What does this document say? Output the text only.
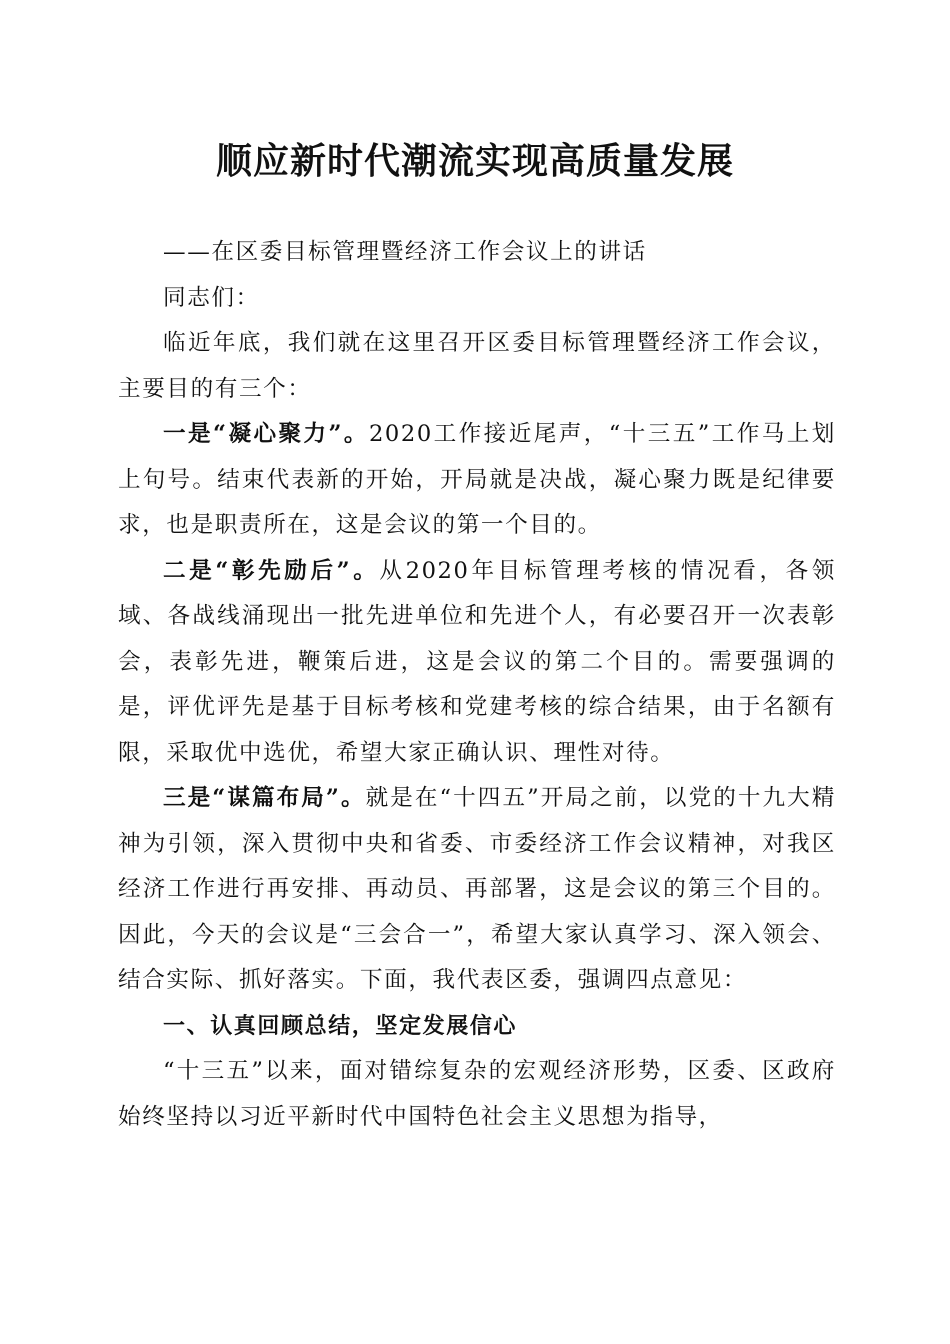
顺应新时代潮流实现高质量发展

——在区委目标管理暨经济工作会议上的讲话

同志们：

临近年底，我们就在这里召开区委目标管理暨经济工作会议，主要目的有三个：

一是“凝心聚力”。2020工作接近尾声，“十三五”工作马上划上句号。结束代表新的开始，开局就是决战，凝心聚力既是纪律要求，也是职责所在，这是会议的第一个目的。

二是“彰先励后”。从2020年目标管理考核的情况看，各领域、各战线涌现出一批先进单位和先进个人，有必要召开一次表彰会，表彰先进，鞭策后进，这是会议的第二个目的。需要强调的是，评优评先是基于目标考核和党建考核的综合结果，由于名额有限，采取优中选优，希望大家正确认识、理性对待。

三是“谋篇布局”。就是在“十四五”开局之前，以党的十九大精神为引领，深入贯彻中央和省委、市委经济工作会议精神，对我区经济工作进行再安排、再动员、再部署，这是会议的第三个目的。因此，今天的会议是“三会合一”，希望大家认真学习、深入领会、结合实际、抓好落实。下面，我代表区委，强调四点意见：

一、认真回顾总结，坚定发展信心

“十三五”以来，面对错综复杂的宏观经济形势，区委、区政府始终坚持以习近平新时代中国特色社会主义思想为指导，
